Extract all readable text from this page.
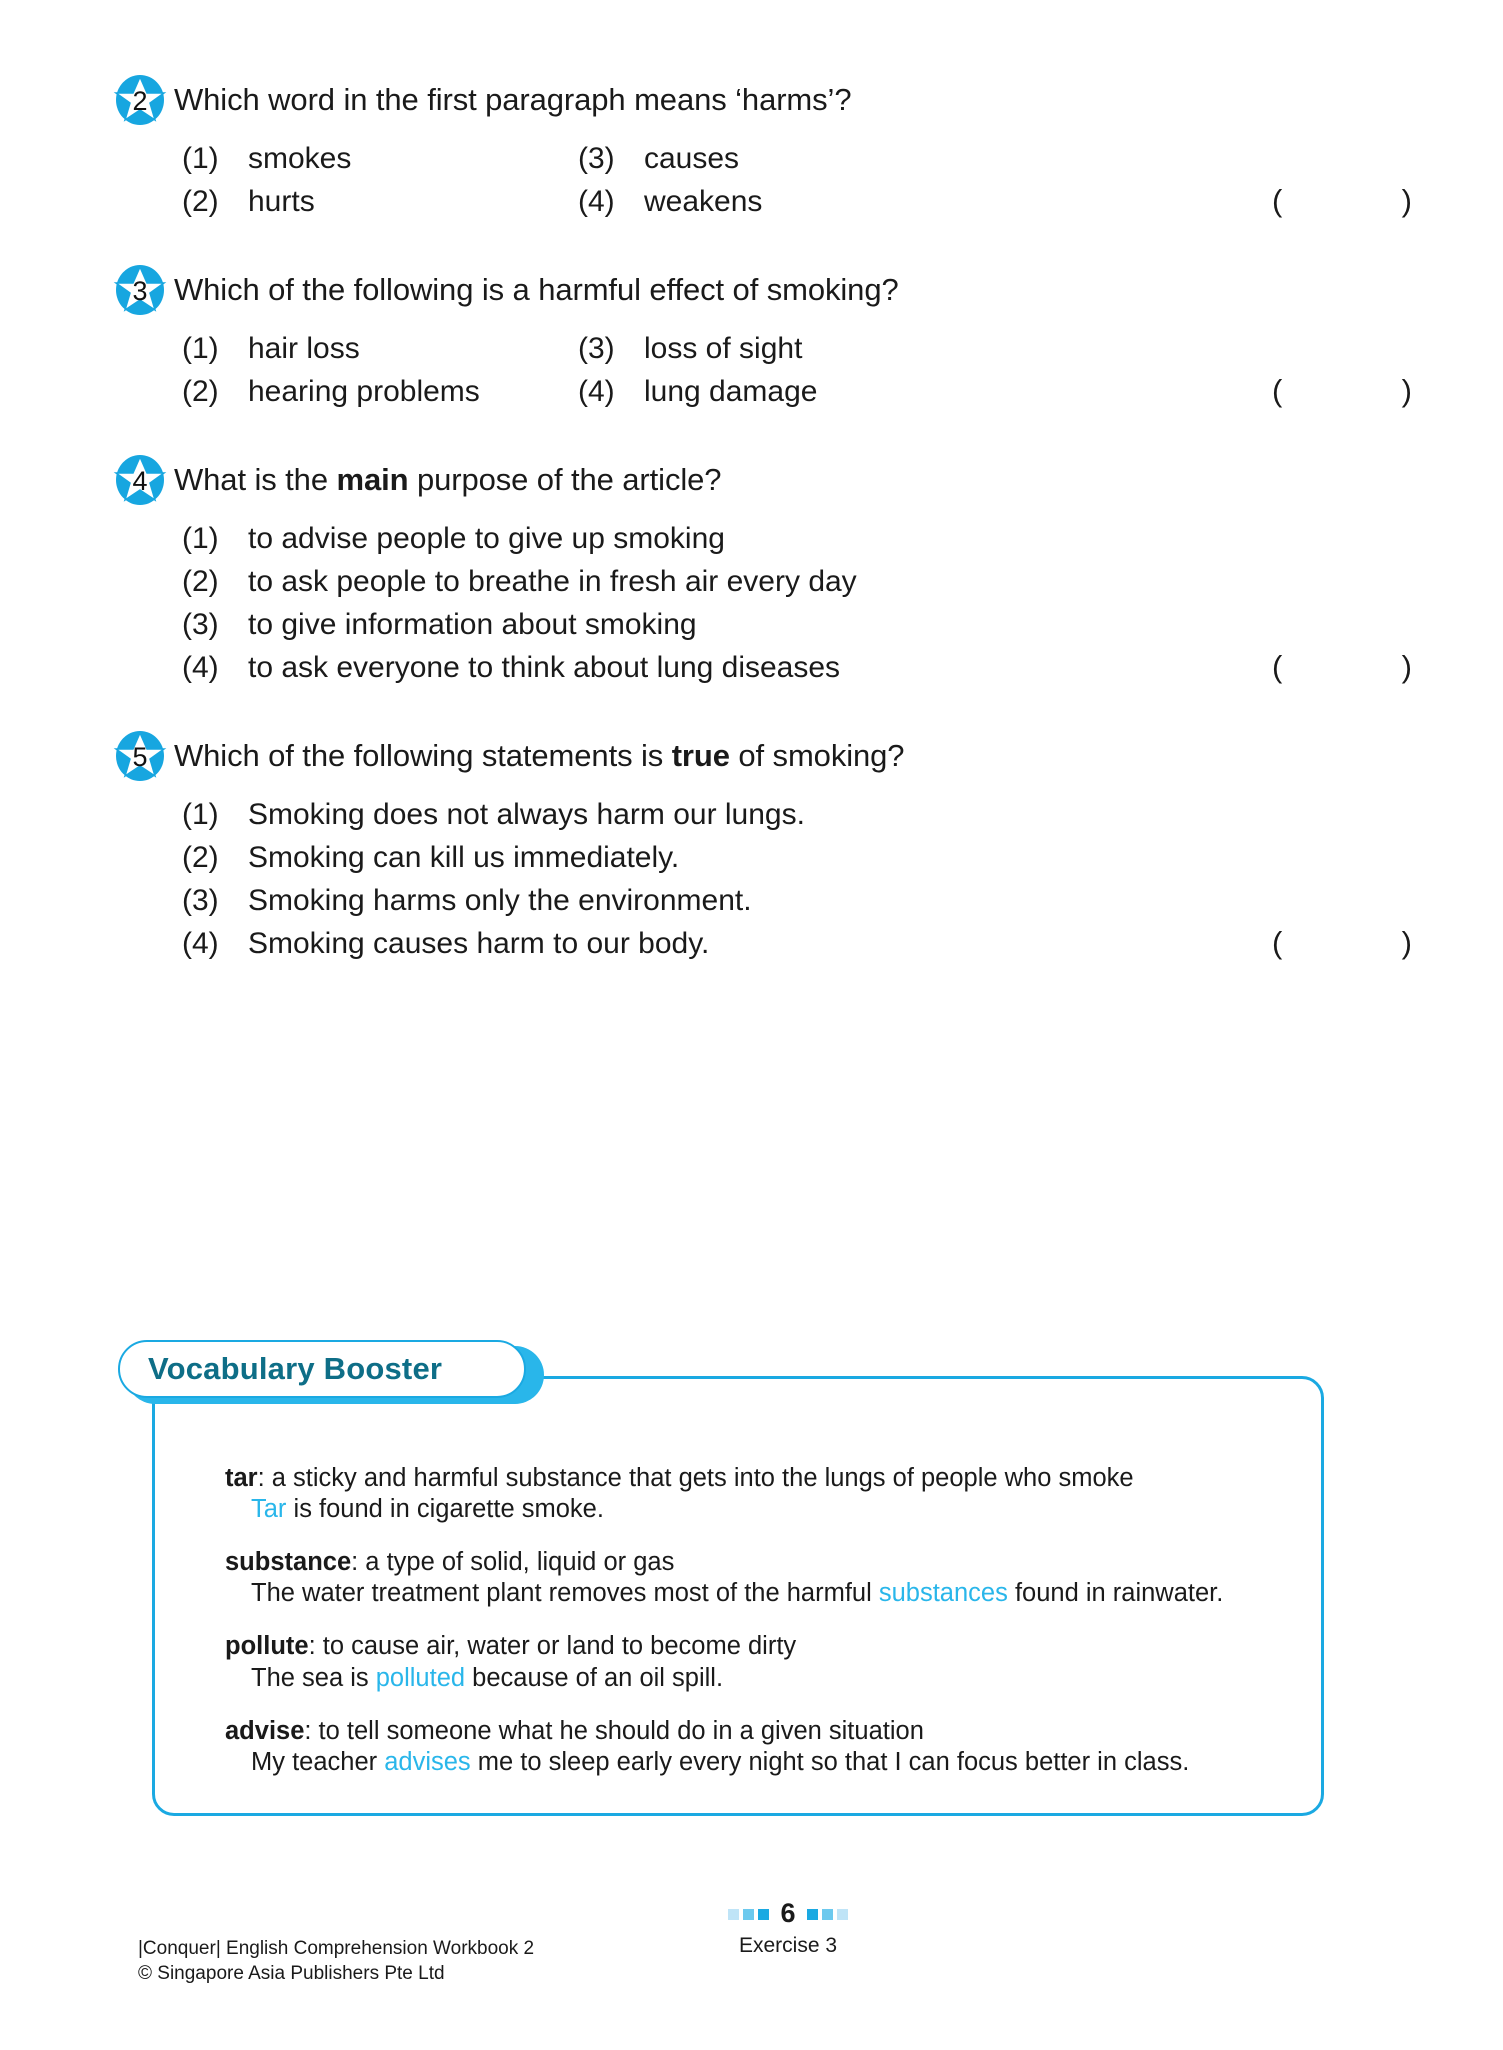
2 Which word in the first paragraph means ‘harms’?
(1) smokes	(3) causes
(2) hurts	(4) weakens	(	)
3 Which of the following is a harmful effect of smoking?
(1) hair loss	(3) loss of sight
(2) hearing problems	(4) lung damage	(	)
4 What is the main purpose of the article?
(1) to advise people to give up smoking
(2) to ask people to breathe in fresh air every day
(3) to give information about smoking
(4) to ask everyone to think about lung diseases	(	)
5 Which of the following statements is true of smoking?
(1) Smoking does not always harm our lungs.
(2) Smoking can kill us immediately.
(3) Smoking harms only the environment.
(4) Smoking causes harm to our body.	(	)
tar: a sticky and harmful substance that gets into the lungs of people who smoke
Tar is found in cigarette smoke.
substance: a type of solid, liquid or gas
The water treatment plant removes most of the harmful substances found in rainwater.
pollute: to cause air, water or land to become dirty
The sea is polluted because of an oil spill.
advise: to tell someone what he should do in a given situation
My teacher advises me to sleep early every night so that I can focus better in class.
Vocabulary Booster
|Conquer| English Comprehension Workbook 2
© Singapore Asia Publishers Pte Ltd
6
Exercise 3
